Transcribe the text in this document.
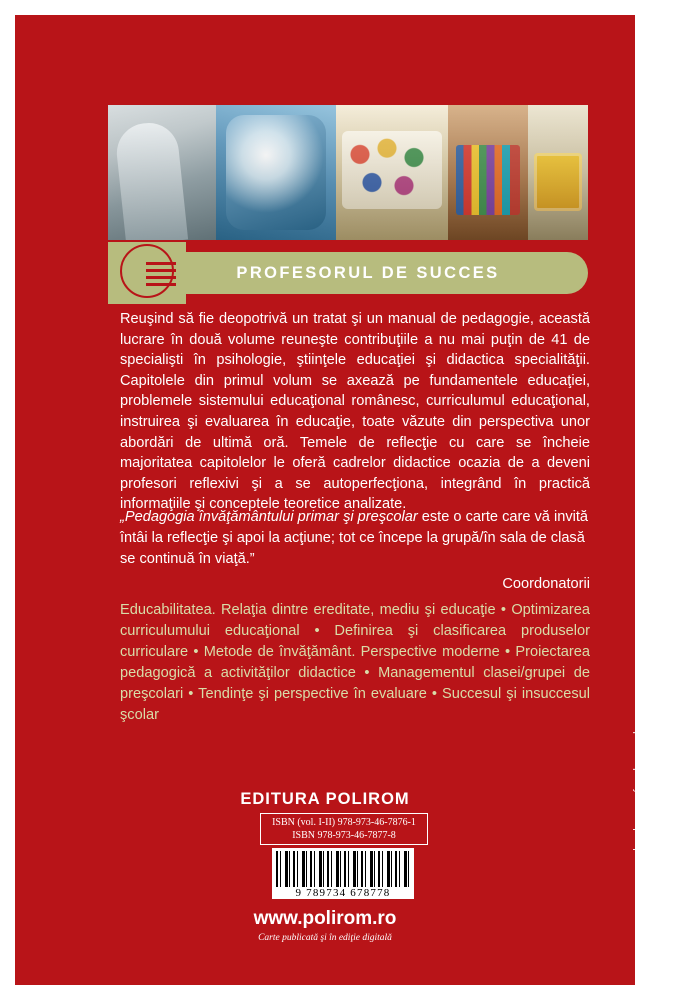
PROFESORUL DE SUCCES
Reuşind să fie deopotrivă un tratat şi un manual de pedagogie, această lucrare în două volume reuneşte contribuţiile a nu mai puţin de 41 de specialişti în psihologie, ştiinţele educaţiei şi didactica specialităţii. Capitolele din primul volum se axează pe fundamentele educaţiei, problemele sistemului educaţional românesc, curriculumul educaţional, instruirea şi evaluarea în educaţie, toate văzute din perspectiva unor abordări de ultimă oră. Temele de reflecţie cu care se încheie majoritatea capitolelor le oferă cadrelor didactice ocazia de a deveni profesori reflexivi şi a se autoperfecţiona, integrând în practică informaţiile şi conceptele teoretice analizate.
„Pedagogia învăţământului primar şi preşcolar este o carte care vă invită întâi la reflecţie şi apoi la acţiune; tot ce începe la grupă/în sala de clasă se continuă în viaţă.”
Coordonatorii
Educabilitatea. Relaţia dintre ereditate, mediu şi educaţie • Optimizarea curriculumului educaţional • Definirea şi clasificarea produselor curriculare • Metode de învăţământ. Perspective moderne • Proiectarea pedagogică a activităţilor didactice • Managementul clasei/grupei de preşcolari • Tendinţe şi perspective în evaluare • Succesul şi insuccesul şcolar
EDITURA POLIROM
ISBN (vol. I-II) 978-973-46-7876-1
ISBN 978-973-46-7877-8
9 789734 678778
www.polirom.ro
Carte publicată şi în ediţie digitală
Foto copertă: © poznyakov/Depositphotos.com
